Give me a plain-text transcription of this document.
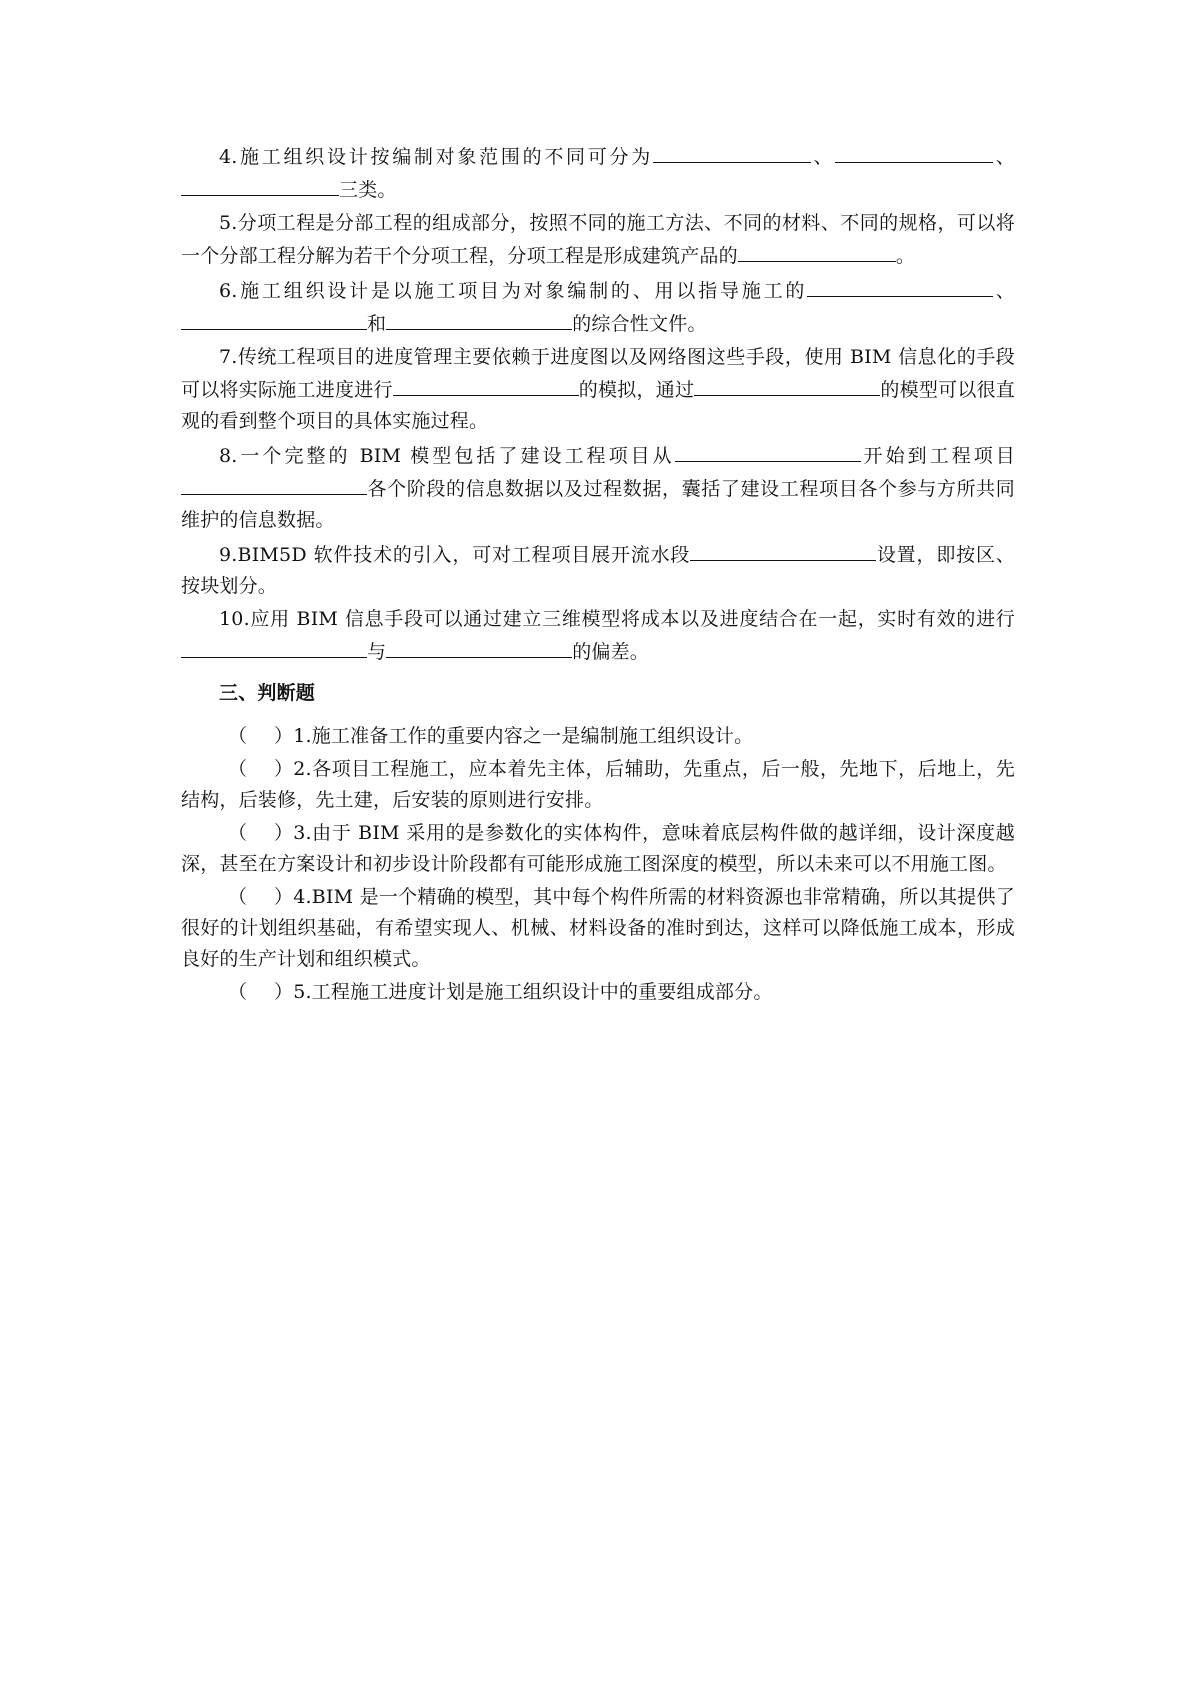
4.施工组织设计按编制对象范围的不同可分为	、	、三类。

5.分项工程是分部工程的组成部分，按照不同的施工方法、不同的材料、不同的规格，可以将一个分部工程分解为若干个分项工程，分项工程是形成建筑产品的	。

6.施工组织设计是以施工项目为对象编制的、用以指导施工的	、和	的综合性文件。

7.传统工程项目的进度管理主要依赖于进度图以及网络图这些手段，使用 BIM 信息化的手段可以将实际施工进度进行	的模拟，通过	的模型可以很直观的看到整个项目的具体实施过程。

8.一个完整的 BIM 模型包括了建设工程项目从	开始到工程项目各个阶段的信息数据以及过程数据，囊括了建设工程项目各个参与方所共同维护的信息数据。

9.BIM5D 软件技术的引入，可对工程项目展开流水段	设置，即按区、按块划分。

10.应用 BIM 信息手段可以通过建立三维模型将成本以及进度结合在一起，实时有效的进行与	的偏差。

三、判断题

（ ）1.施工准备工作的重要内容之一是编制施工组织设计。

（ ）2.各项目工程施工，应本着先主体，后辅助，先重点，后一般，先地下，后地上，先结构，后装修，先土建，后安装的原则进行安排。

（ ）3.由于 BIM 采用的是参数化的实体构件，意味着底层构件做的越详细，设计深度越深，甚至在方案设计和初步设计阶段都有可能形成施工图深度的模型，所以未来可以不用施工图。

（ ）4.BIM 是一个精确的模型，其中每个构件所需的材料资源也非常精确，所以其提供了很好的计划组织基础，有希望实现人、机械、材料设备的准时到达，这样可以降低施工成本，形成良好的生产计划和组织模式。

（ ）5.工程施工进度计划是施工组织设计中的重要组成部分。
